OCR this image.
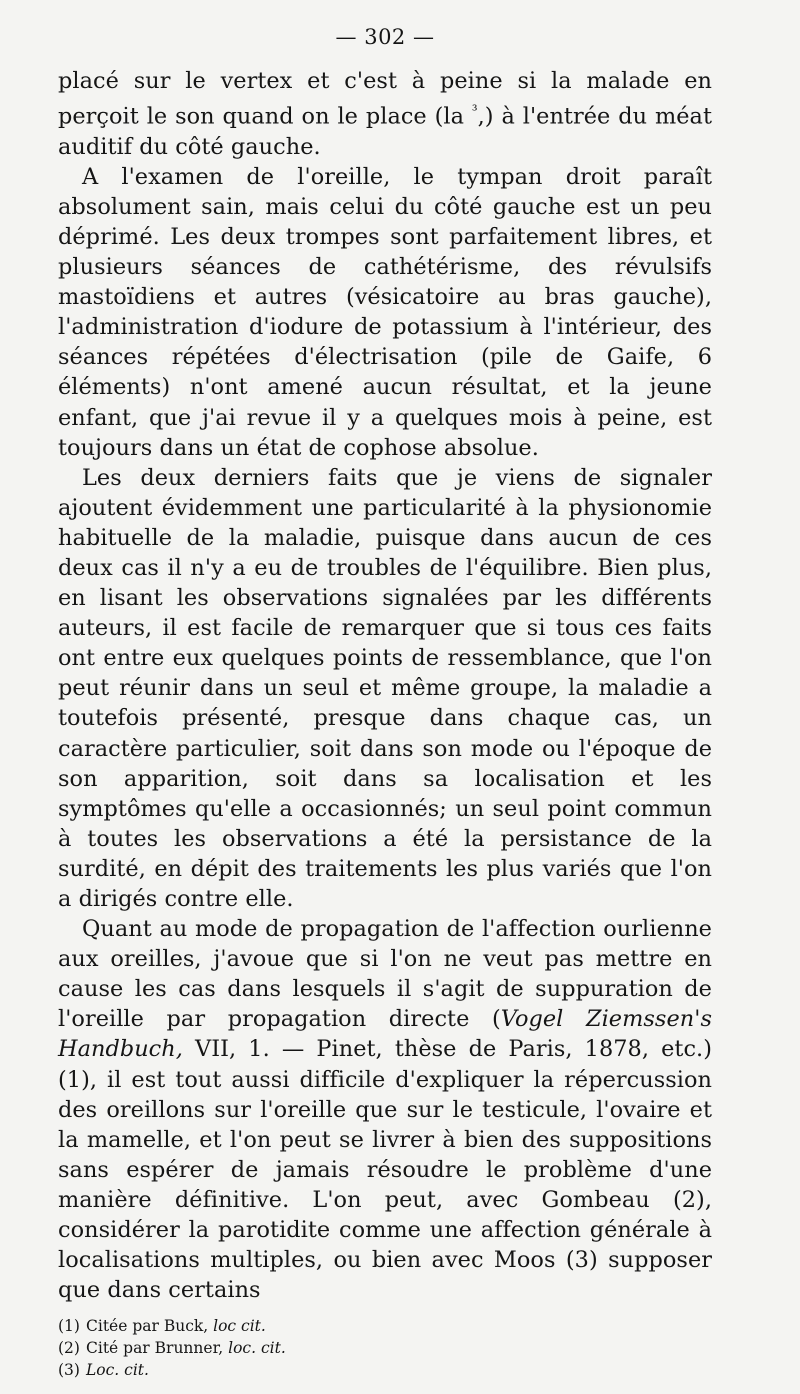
— 302 —

placé sur le vertex et c'est à peine si la malade en perçoit le son quand on le place (la $^{^3}$,) à l'entrée du méat auditif du côté gauche.

A l'examen de l'oreille, le tympan droit paraît absolument sain, mais celui du côté gauche est un peu déprimé. Les deux trompes sont parfaitement libres, et plusieurs séances de cathétérisme, des révulsifs mastoïdiens et autres (vésicatoire au bras gauche), l'administration d'iodure de potassium à l'intérieur, des séances répétées d'électrisation (pile de Gaife, 6 éléments) n'ont amené aucun résultat, et la jeune enfant, que j'ai revue il y a quelques mois à peine, est toujours dans un état de cophose absolue.

Les deux derniers faits que je viens de signaler ajoutent évidemment une particularité à la physionomie habituelle de la maladie, puisque dans aucun de ces deux cas il n'y a eu de troubles de l'équilibre. Bien plus, en lisant les observations signalées par les différents auteurs, il est facile de remarquer que si tous ces faits ont entre eux quelques points de ressemblance, que l'on peut réunir dans un seul et même groupe, la maladie a toutefois présenté, presque dans chaque cas, un caractère particulier, soit dans son mode ou l'époque de son apparition, soit dans sa localisation et les symptômes qu'elle a occasionnés; un seul point commun à toutes les observations a été la persistance de la surdité, en dépit des traitements les plus variés que l'on a dirigés contre elle.

Quant au mode de propagation de l'affection ourlienne aux oreilles, j'avoue que si l'on ne veut pas mettre en cause les cas dans lesquels il s'agit de suppuration de l'oreille par propagation directe (Vogel Ziemssen's Handbuch, VII, 1. — Pinet, thèse de Paris, 1878, etc.) (1), il est tout aussi difficile d'expliquer la répercussion des oreillons sur l'oreille que sur le testicule, l'ovaire et la mamelle, et l'on peut se livrer à bien des suppositions sans espérer de jamais résoudre le problème d'une manière définitive. L'on peut, avec Gombeau (2), considérer la parotidite comme une affection générale à localisations multiples, ou bien avec Moos (3) supposer que dans certains

(1) Citée par Buck, loc cit.

(2) Cité par Brunner, loc. cit.

(3) Loc. cit.
